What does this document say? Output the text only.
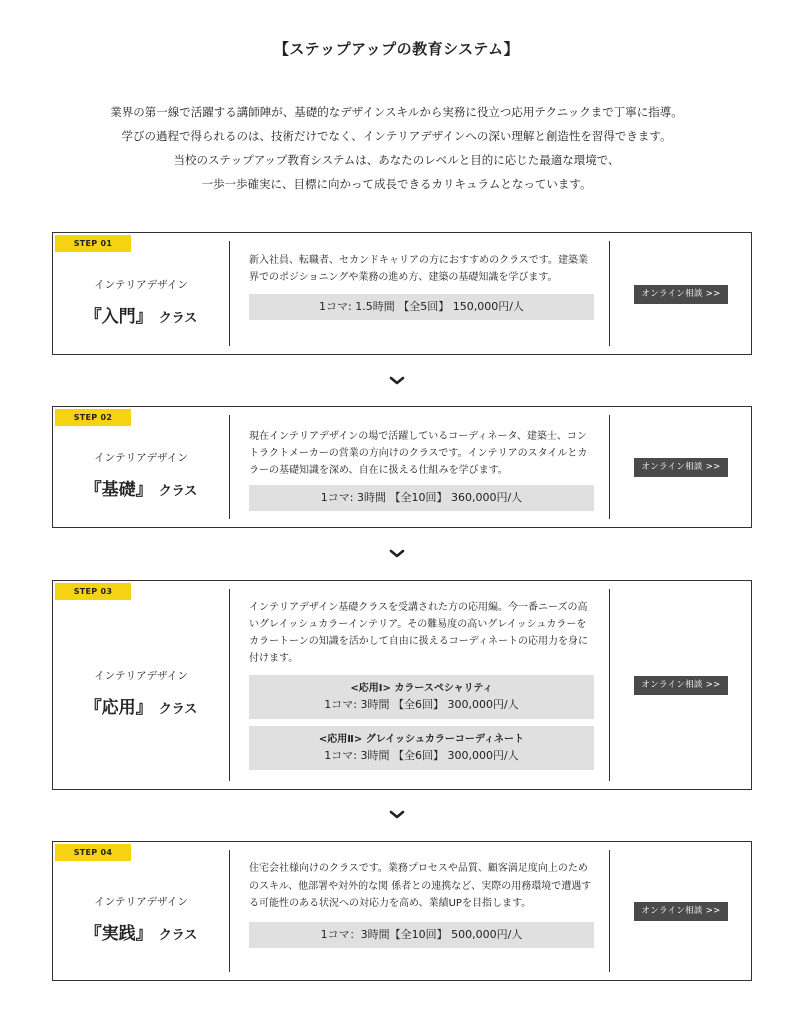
【ステップアップの教育システム】

業界の第一線で活躍する講師陣が、基礎的なデザインスキルから実務に役立つ応用テクニックまで丁寧に指導。

学びの過程で得られるのは、技術だけでなく、インテリアデザインへの深い理解と創造性を習得できます。

当校のステップアップ教育システムは、あなたのレベルと目的に応じた最適な環境で、

一歩一歩確実に、目標に向かって成長できるカリキュラムとなっています。

STEP 01
インテリアデザイン
『入門』 クラス
新入社員、転職者、セカンドキャリアの方におすすめのクラスです。建築業界でのポジショニングや業務の進め方、建築の基礎知識を学びます。
1コマ: 1.5時間 【全5回】 150,000円/人
オンライン相談 >>
STEP 02
インテリアデザイン
『基礎』 クラス
現在インテリアデザインの場で活躍しているコーディネータ、建築士、コントラクトメーカーの営業の方向けのクラスです。インテリアのスタイルとカラーの基礎知識を深め、自在に扱える仕組みを学びます。
1コマ: 3時間 【全10回】 360,000円/人
オンライン相談 >>
STEP 03
インテリアデザイン
『応用』 クラス
インテリアデザイン基礎クラスを受講された方の応用編。今一番ニーズの高いグレイッシュカラーインテリア。その難易度の高いグレイッシュカラーをカラートーンの知識を活かして自由に扱えるコーディネートの応用力を身に付けます。
<応用Ⅰ> カラースペシャリティ
1コマ: 3時間 【全6回】 300,000円/人
<応用Ⅱ> グレイッシュカラーコーディネート
1コマ: 3時間 【全6回】 300,000円/人
オンライン相談 >>
STEP 04
インテリアデザイン
『実践』 クラス
住宅会社様向けのクラスです。業務プロセスや品質、顧客満足度向上のためのスキル、他部署や対外的な関 係者との連携など、実際の用務環境で遭遇する可能性のある状況への対応力を高め、業績UPを目指します。
1コマ：3時間【全10回】 500,000円/人
オンライン相談 >>
